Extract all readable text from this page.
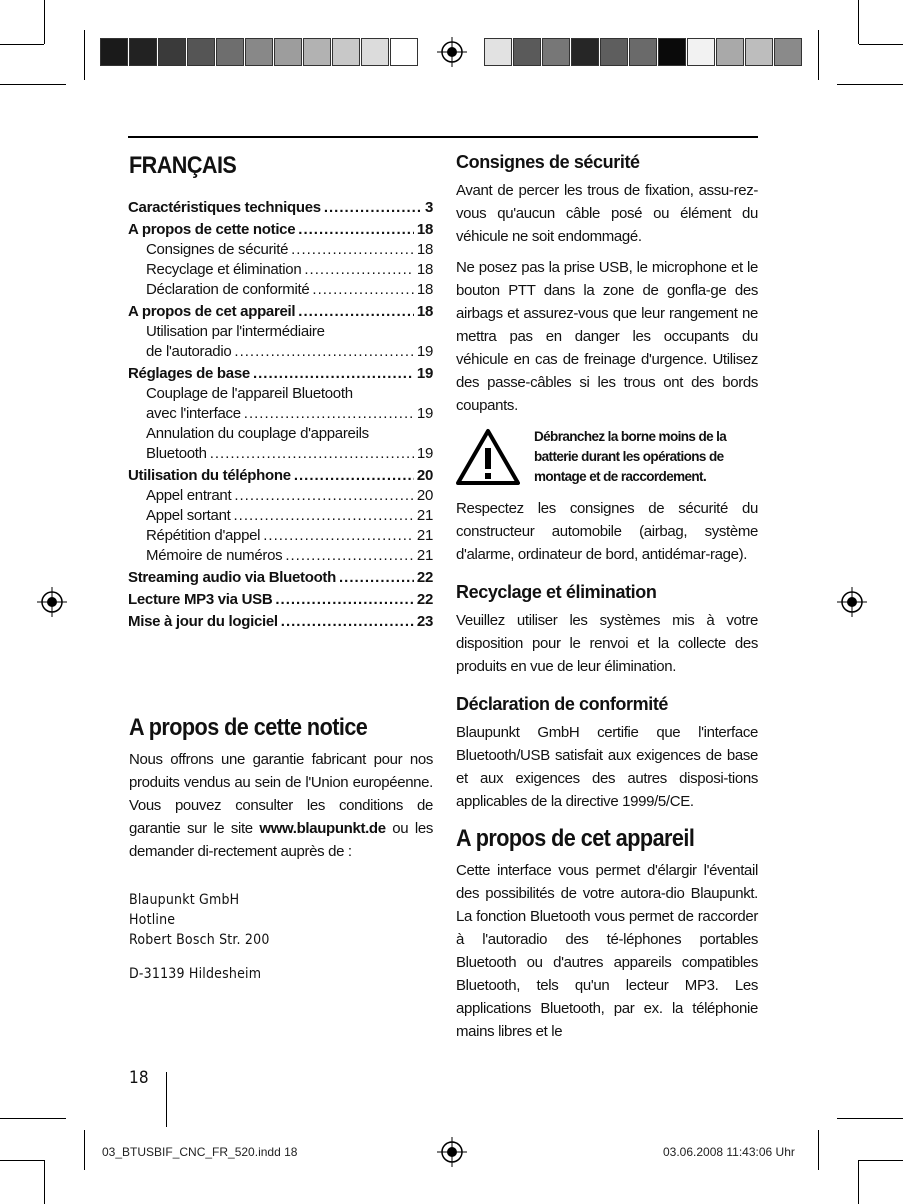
FRANÇAIS
Caractéristiques techniques .....	3
A propos de cette notice .....	18
Consignes de sécurité .....	18
Recyclage et élimination .....	18
Déclaration de conformité .....	18
A propos de cet appareil .....	18
Utilisation par l'intermédiaire
de l'autoradio .....	19
Réglages de base .....	19
Couplage de l'appareil Bluetooth
avec l'interface .....	19
Annulation du couplage d'appareils
Bluetooth .....	19
Utilisation du téléphone .....	20
Appel entrant .....	20
Appel sortant .....	21
Répétition d'appel .....	21
Mémoire de numéros .....	21
Streaming audio via Bluetooth .....	22
Lecture MP3 via USB .....	22
Mise à jour du logiciel .....	23
A propos de cette notice

Nous offrons une garantie fabricant pour nos produits vendus au sein de l'Union européenne. Vous pouvez consulter les conditions de garantie sur le site www.blaupunkt.de ou les demander di-rectement auprès de :

Blaupunkt GmbH
Hotline
Robert Bosch Str. 200
D-31139 Hildesheim
18
Consignes de sécurité

Avant de percer les trous de fixation, assu-rez-vous qu'aucun câble posé ou élément du véhicule ne soit endommagé.

Ne posez pas la prise USB, le microphone et le bouton PTT dans la zone de gonfla-ge des airbags et assurez-vous que leur rangement ne mettra pas en danger les occupants du véhicule en cas de freinage d'urgence. Utilisez des passe-câbles si les trous ont des bords coupants.

Débranchez la borne moins de la batterie durant les opérations de montage et de raccordement.

Respectez les consignes de sécurité du constructeur automobile (airbag, système d'alarme, ordinateur de bord, antidémar-rage).

Recyclage et élimination

Veuillez utiliser les systèmes mis à votre disposition pour le renvoi et la collecte des produits en vue de leur élimination.

Déclaration de conformité

Blaupunkt GmbH certifie que l'interface Bluetooth/USB satisfait aux exigences de base et aux exigences des autres disposi-tions applicables de la directive 1999/5/CE.

A propos de cet appareil

Cette interface vous permet d'élargir l'éventail des possibilités de votre autora-dio Blaupunkt. La fonction Bluetooth vous permet de raccorder à l'autoradio des té-léphones portables Bluetooth ou d'autres appareils compatibles Bluetooth, tels qu'un lecteur MP3. Les applications Bluetooth, par ex. la téléphonie mains libres et le

03_BTUSBIF_CNC_FR_520.indd 18	03.06.2008 11:43:06 Uhr
